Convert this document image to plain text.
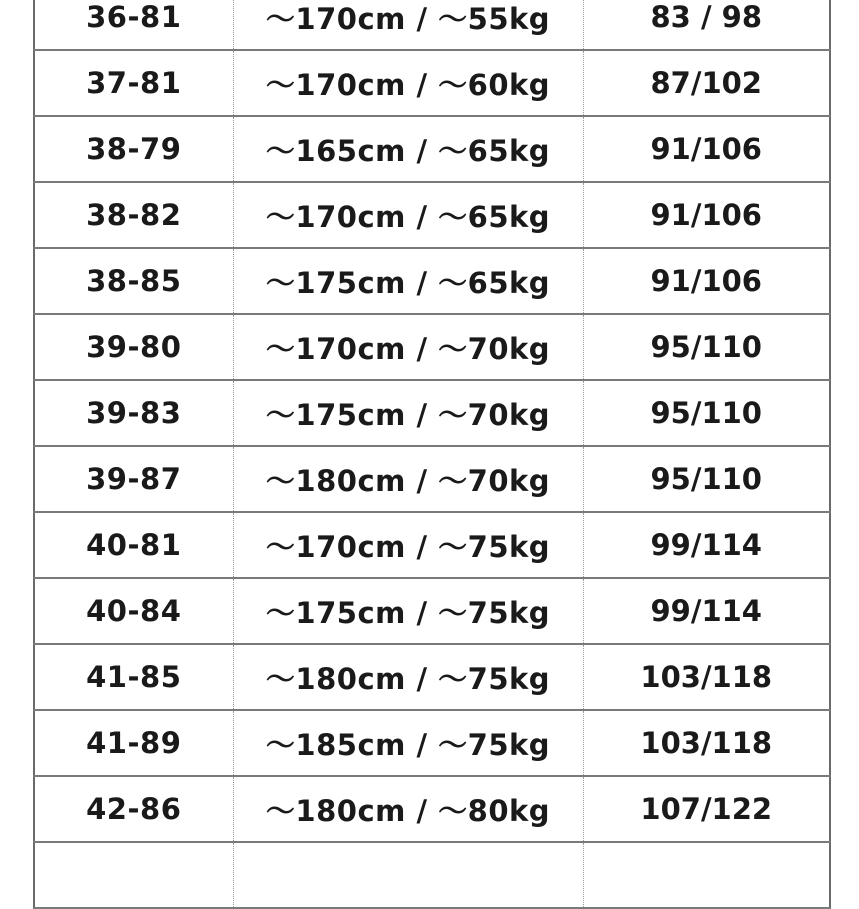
36-81	～170cm / ～55kg	83 / 98
37-81	～170cm / ～60kg	87/102
38-79	～165cm / ～65kg	91/106
38-82	～170cm / ～65kg	91/106
38-85	～175cm / ～65kg	91/106
39-80	～170cm / ～70kg	95/110
39-83	～175cm / ～70kg	95/110
39-87	～180cm / ～70kg	95/110
40-81	～170cm / ～75kg	99/114
40-84	～175cm / ～75kg	99/114
41-85	～180cm / ～75kg	103/118
41-89	～185cm / ～75kg	103/118
42-86	～180cm / ～80kg	107/122
